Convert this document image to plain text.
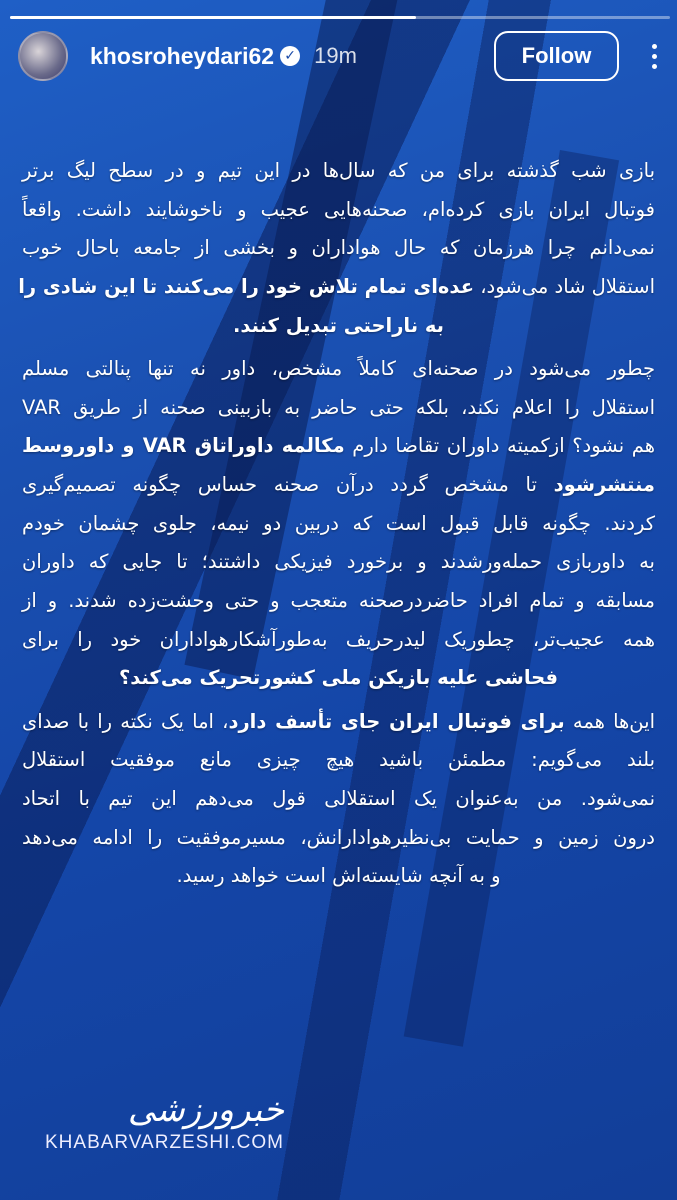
khosroheydari62 ✓ 19m	Follow
بازی شب گذشته برای من که سال‌ها در این تیم و در سطح لیگ برتر
فوتبال ایران بازی کرده‌ام، صحنه‌هایی عجیب و ناخوشایند داشت. واقعاً
نمی‌دانم چرا هرزمان که حال هواداران و بخشی از جامعه باحال خوب
استقلال شاد می‌شود، عده‌ای تمام تلاش خود را می‌کنند تا این شادی را
به ناراحتی تبدیل کنند.
چطور می‌شود در صحنه‌ای کاملاً مشخص، داور نه تنها پنالتی مسلم
استقلال را اعلام نکند، بلکه حتی حاضر به بازبینی صحنه از طریق VAR
هم نشود؟ ازکمیته داوران تقاضا دارم مکالمه داوراتاق VAR و داوروسط
منتشرشود تا مشخص گردد درآن صحنه حساس چگونه تصمیم‌گیری
کردند. چگونه قابل قبول است که دربین دو نیمه، جلوی چشمان خودم
به داوربازی حمله‌ورشدند و برخورد فیزیکی داشتند؛ تا جایی که داوران
مسابقه و تمام افراد حاضردرصحنه متعجب و حتی وحشت‌زده شدند. و از
همه عجیب‌تر، چطوریک لیدرحریف به‌طورآشکارهواداران خود را برای
فحاشی علیه بازیکن ملی کشورتحریک می‌کند؟
این‌ها همه برای فوتبال ایران جای تأسف دارد، اما یک نکته را با صدای
بلند می‌گویم: مطمئن باشید هیچ چیزی مانع موفقیت استقلال
نمی‌شود. من به‌عنوان یک استقلالی قول می‌دهم این تیم با اتحاد
درون زمین و حمایت بی‌نظیرهوادارانش، مسیرموفقیت را ادامه می‌دهد
و به آنچه شایسته‌اش است خواهد رسید.
خبرورزشی
KHABARVARZESHI.COM
